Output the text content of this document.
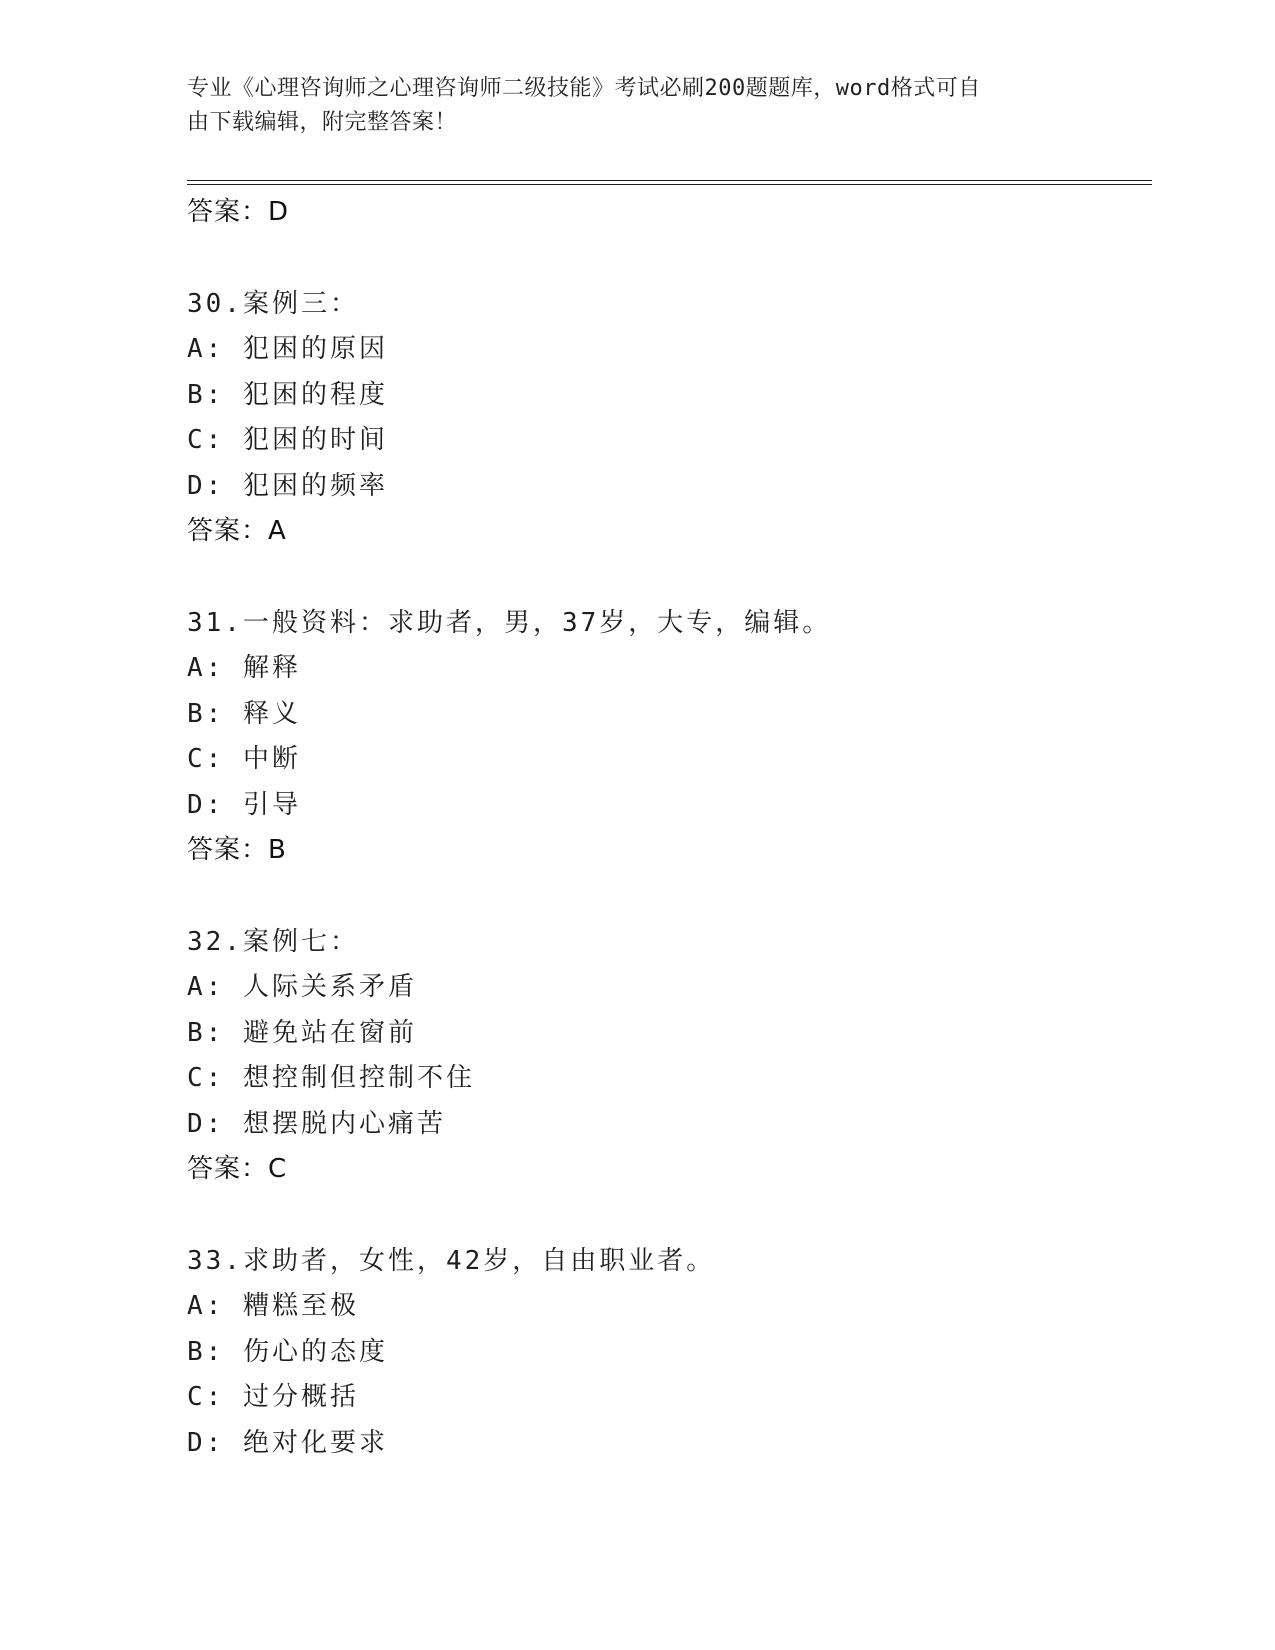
专业《心理咨询师之心理咨询师二级技能》考试必刷200题题库，word格式可自
由下载编辑，附完整答案！
答案：D
30.案例三：
A: 犯困的原因
B: 犯困的程度
C: 犯困的时间
D: 犯困的频率
答案：A
31.一般资料：求助者，男，37岁，大专，编辑。
A: 解释
B: 释义
C: 中断
D: 引导
答案：B
32.案例七：
A: 人际关系矛盾
B: 避免站在窗前
C: 想控制但控制不住
D: 想摆脱内心痛苦
答案：C
33.求助者，女性，42岁，自由职业者。
A: 糟糕至极
B: 伤心的态度
C: 过分概括
D: 绝对化要求
